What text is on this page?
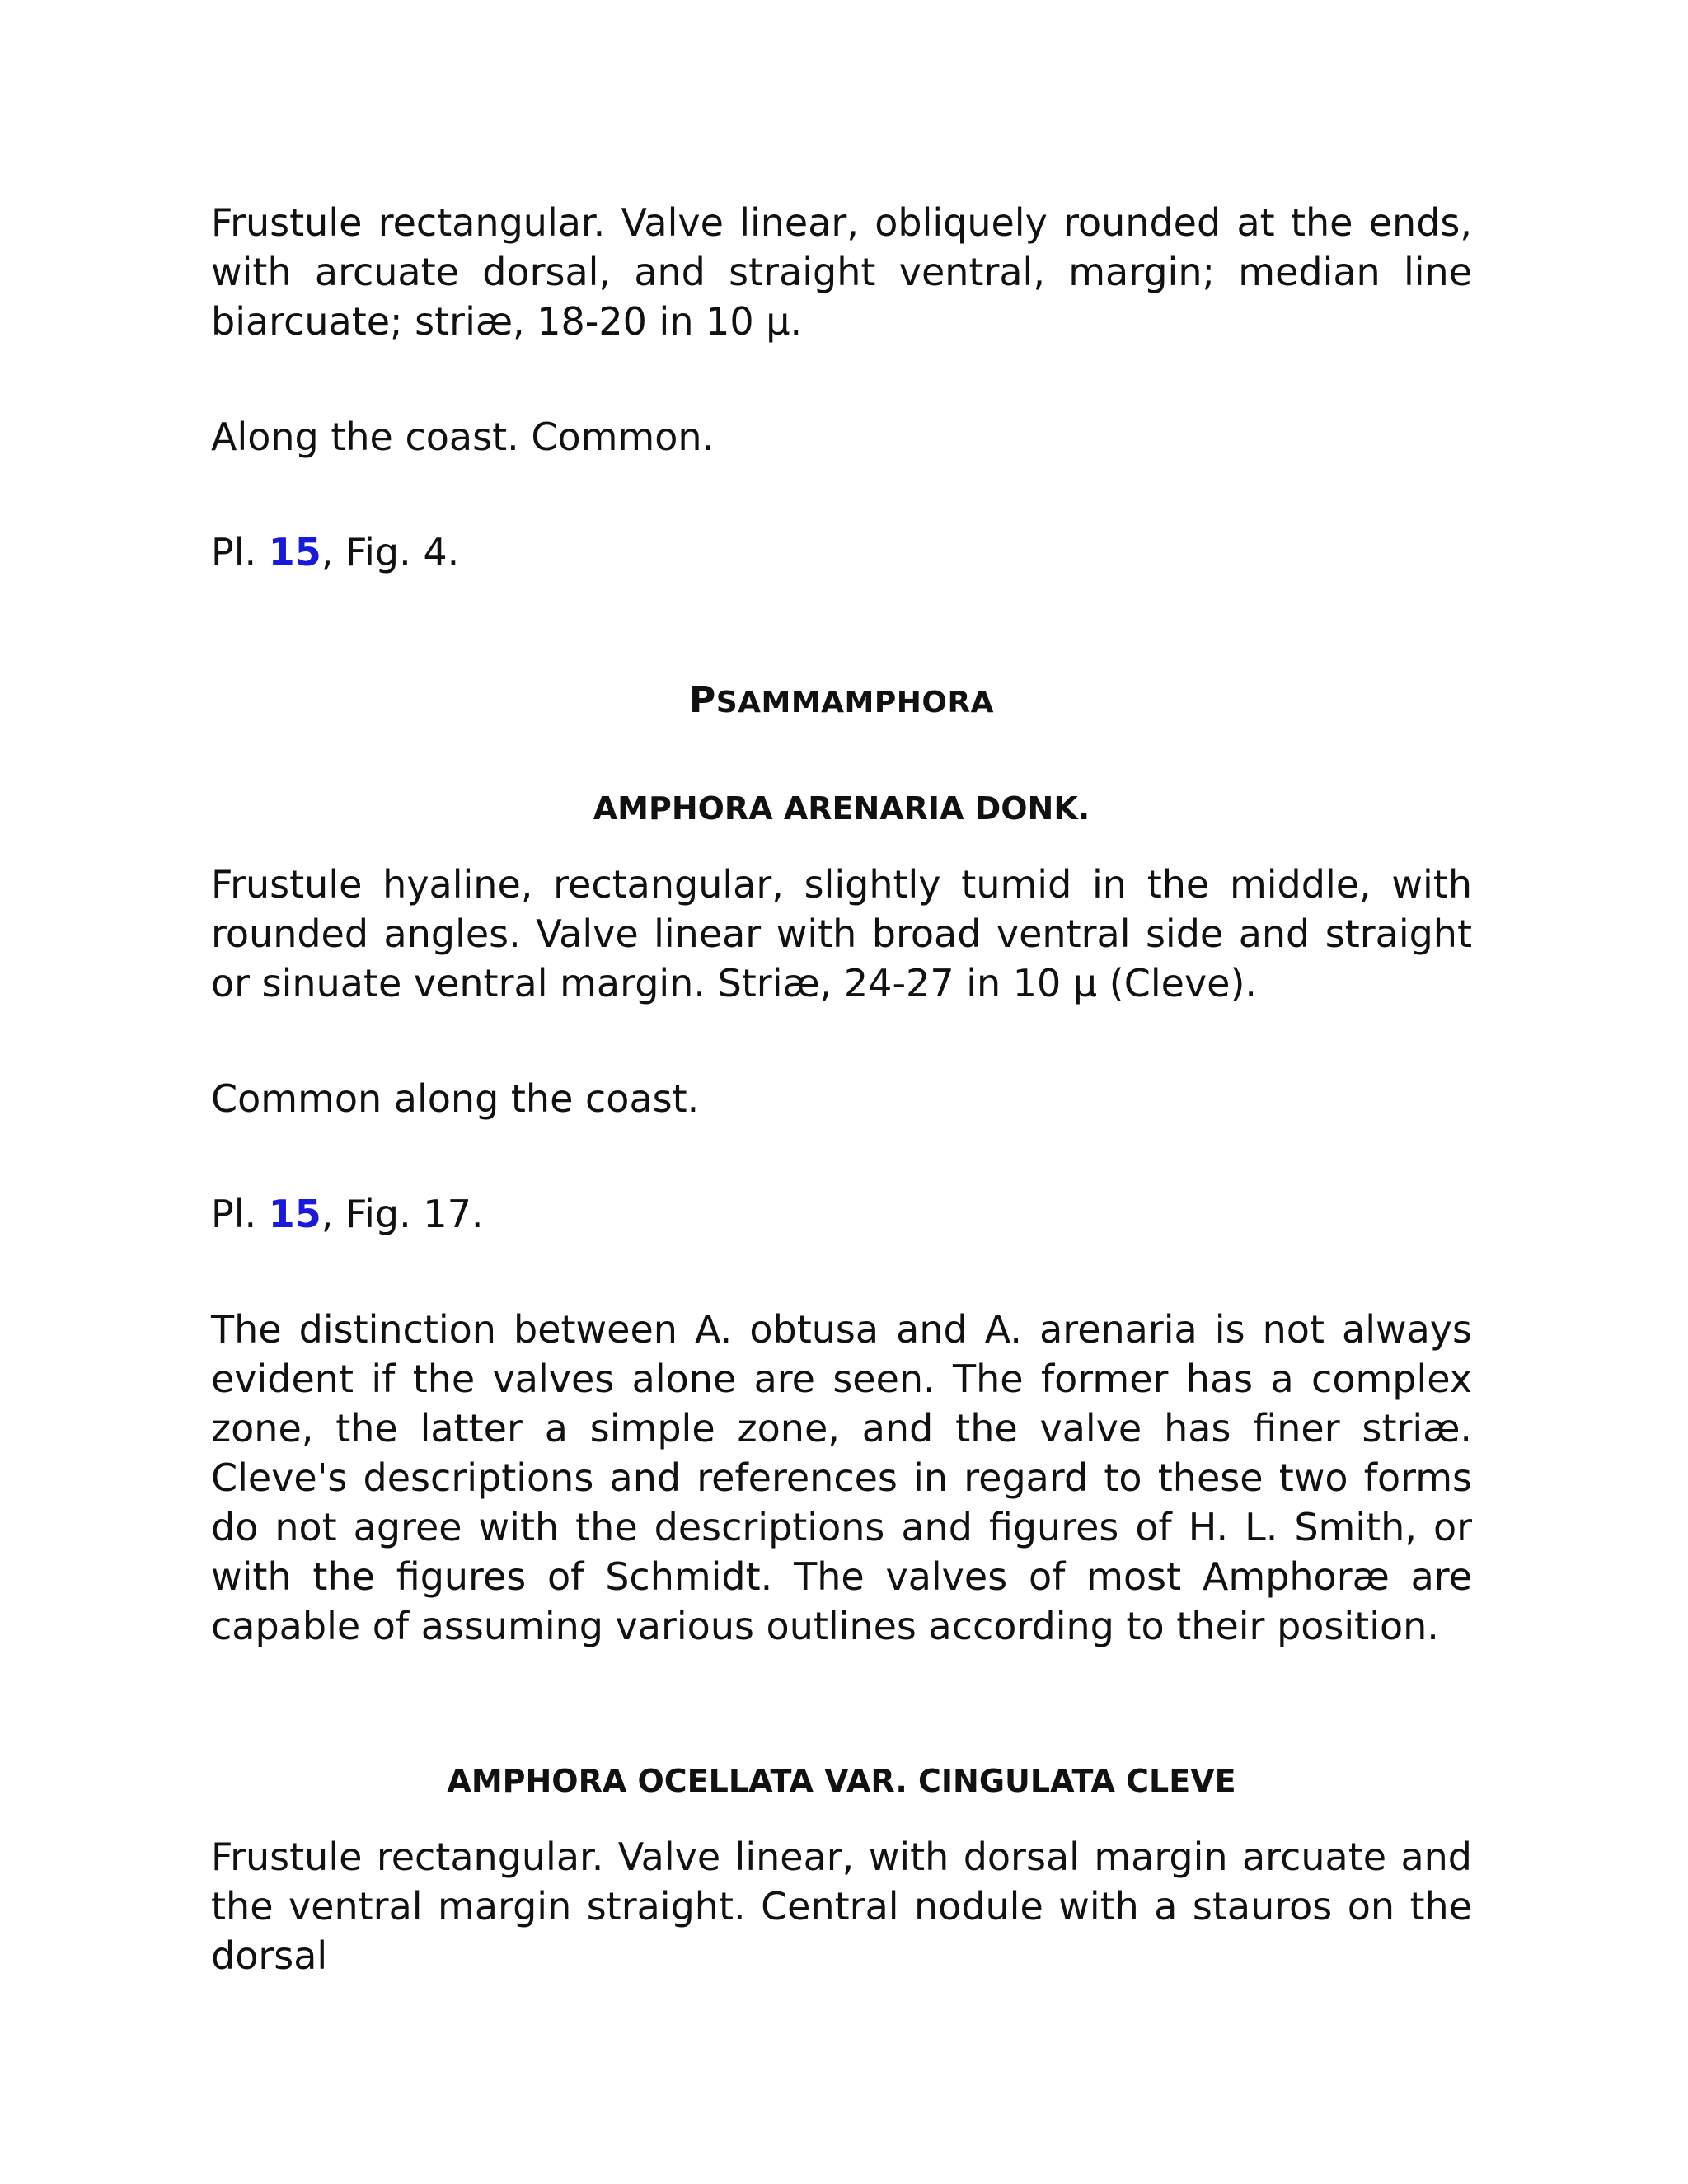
Frustule rectangular. Valve linear, obliquely rounded at the ends, with arcuate dorsal, and straight ventral, margin; median line biarcuate; striæ, 18-20 in 10 μ.

Along the coast. Common.

Pl. 15, Fig. 4.

PSAMMAMPHORA
AMPHORA ARENARIA DONK.

Frustule hyaline, rectangular, slightly tumid in the middle, with rounded angles. Valve linear with broad ventral side and straight or sinuate ventral margin. Striæ, 24-27 in 10 μ (Cleve).

Common along the coast.

Pl. 15, Fig. 17.

The distinction between A. obtusa and A. arenaria is not always evident if the valves alone are seen. The former has a complex zone, the latter a simple zone, and the valve has finer striæ. Cleve's descriptions and references in regard to these two forms do not agree with the descriptions and figures of H. L. Smith, or with the figures of Schmidt. The valves of most Amphoræ are capable of assuming various outlines according to their position.

AMPHORA OCELLATA VAR. CINGULATA CLEVE

Frustule rectangular. Valve linear, with dorsal margin arcuate and the ventral margin straight. Central nodule with a stauros on the dorsal
